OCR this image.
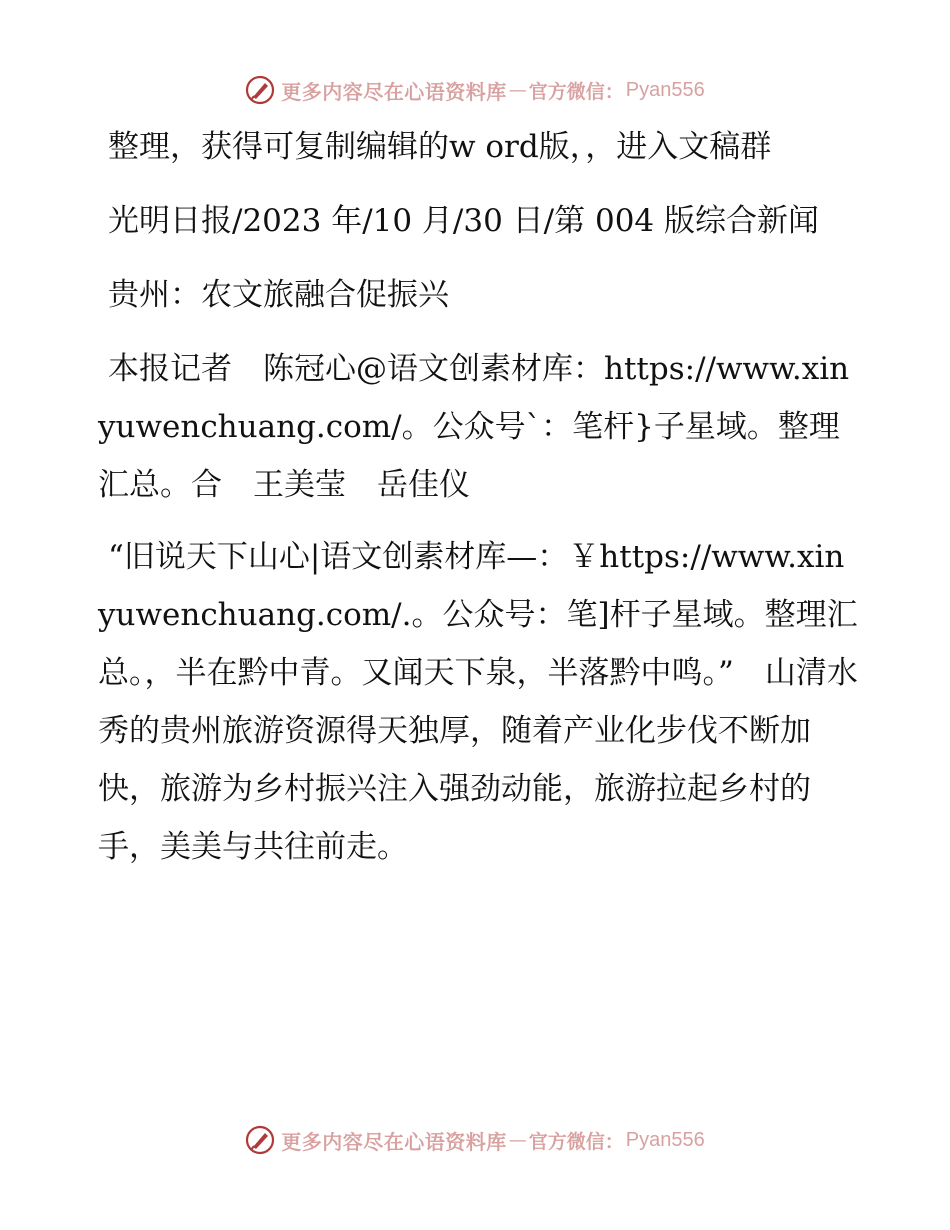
更多内容尽在心语资料库 — 官方微信： Pyan556

整理，获得可复制编辑的w ord版，，进入文稿群

光明日报/2023 年/10 月/30 日/第 004 版综合新闻

贵州：农文旅融合促振兴

本报记者　陈冠心@语文创素材库：https://www.xinyuwenchuang.com/。公众号`：笔杆}子星域。整理汇总。合　王美莹　岳佳仪

“旧说天下山心|语文创素材库—：￥https://www.xinyuwenchuang.com/.。公众号：笔]杆子星域。整理汇总。，半在黔中青。又闻天下泉，半落黔中鸣。”　山清水秀的贵州旅游资源得天独厚，随着产业化步伐不断加快，旅游为乡村振兴注入强劲动能，旅游拉起乡村的手，美美与共往前走。

更多内容尽在心语资料库 — 官方微信： Pyan556
